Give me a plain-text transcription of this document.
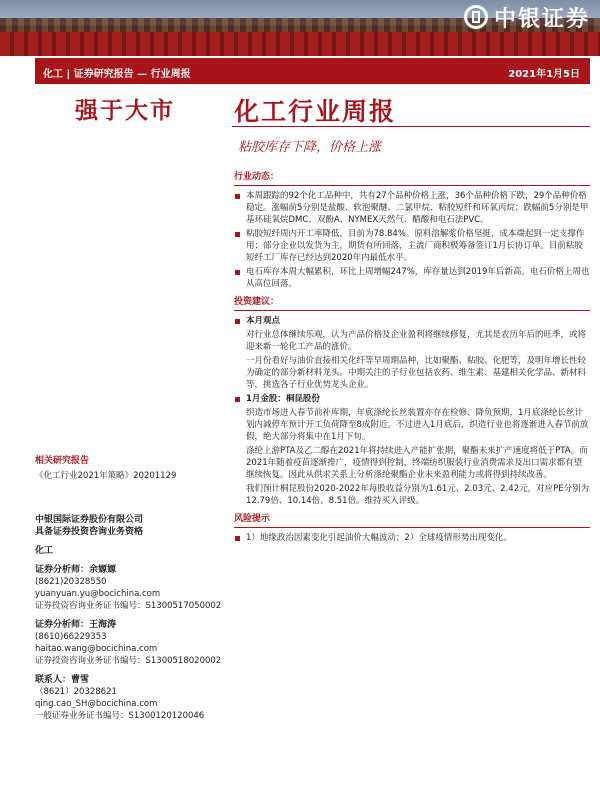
中银证券
化工 | 证券研究报告 — 行业周报	2021年1月5日
强于大市	化工行业周报
粘胶库存下降，价格上涨
相关研究报告
《化工行业2021年策略》20201129
中银国际证券股份有限公司
具备证券投资咨询业务资格
化工
证券分析师：余嫄嫄
(8621)20328550
yuanyuan.yu@bocichina.com
证券投资咨询业务证书编号：S1300517050002
证券分析师：王海涛
(8610)66229353
haitao.wang@bocichina.com
证券投资咨询业务证书编号：S1300518020002
联系人：曹雪
（8621）20328621
qing.cao_SH@bocichina.com
一般证券业务证书编号：S1300120120046
行业动态：
本周跟踪的92个化工品种中，共有27个品种价格上涨，36个品种价格下跌，29个品种价格稳定。涨幅前5分别是盐酸、软泡聚醚、二氯甲烷、粘胶短纤和环氧丙烷；跌幅前5分别是甲基环硅氧烷DMC、双酚A、NYMEX天然气、醋酸和电石法PVC。
粘胶短纤周内开工率降低，目前为78.84%。原料溶解浆价格坚挺，成本端起到一定支撑作用；部分企业以发货为主，期货有所回落，主流厂商积极筹备签订1月长协订单。目前粘胶短纤工厂库存已经达到2020年内最低水平。
电石库存本周大幅累积，环比上周增幅247%，库存量达到2019年后新高。电石价格上周也从高位回落。
投资建议：
本月观点
对行业总体继续乐观，认为产品价格及企业盈利将继续修复，尤其是农历年后的旺季，或将迎来新一轮化工产品的涨价。
一月份看好与油价直接相关化纤等早周期品种，比如聚酯、粘胶、化肥等，及明年增长性较为确定的部分新材料龙头。中期关注的子行业包括农药、维生素、基建相关化学品、新材料等，挑选各子行业优势龙头企业。
1月金股：桐昆股份
织造市场进入春节前补库期，年底涤纶长丝装置亦存在检修、降负预期，1月底涤纶长丝计划内减停车预计开工负荷降至8成附近。不过进入1月底后，织造行业也将逐渐进入春节前放假，绝大部分将集中在1月下旬。
涤纶上游PTA及乙二醇在2021年将持续进入产能扩张期，聚酯未来扩产速度将低于PTA。而2021年随着疫苗逐渐推广，疫情得到控制，终端纺织服装行业消费需求及出口需求都有望继续恢复。因此从供求关系上分析涤纶聚酯企业未来盈利能力或将得到持续改善。
我们预计桐昆股份2020-2022年每股收益分别为1.61元、2.03元、2.42元，对应PE分别为12.79倍、10.14倍、8.51倍。维持买入评级。
风险提示
1）地缘政治因素变化引起油价大幅波动；2）全球疫情形势出现变化。
